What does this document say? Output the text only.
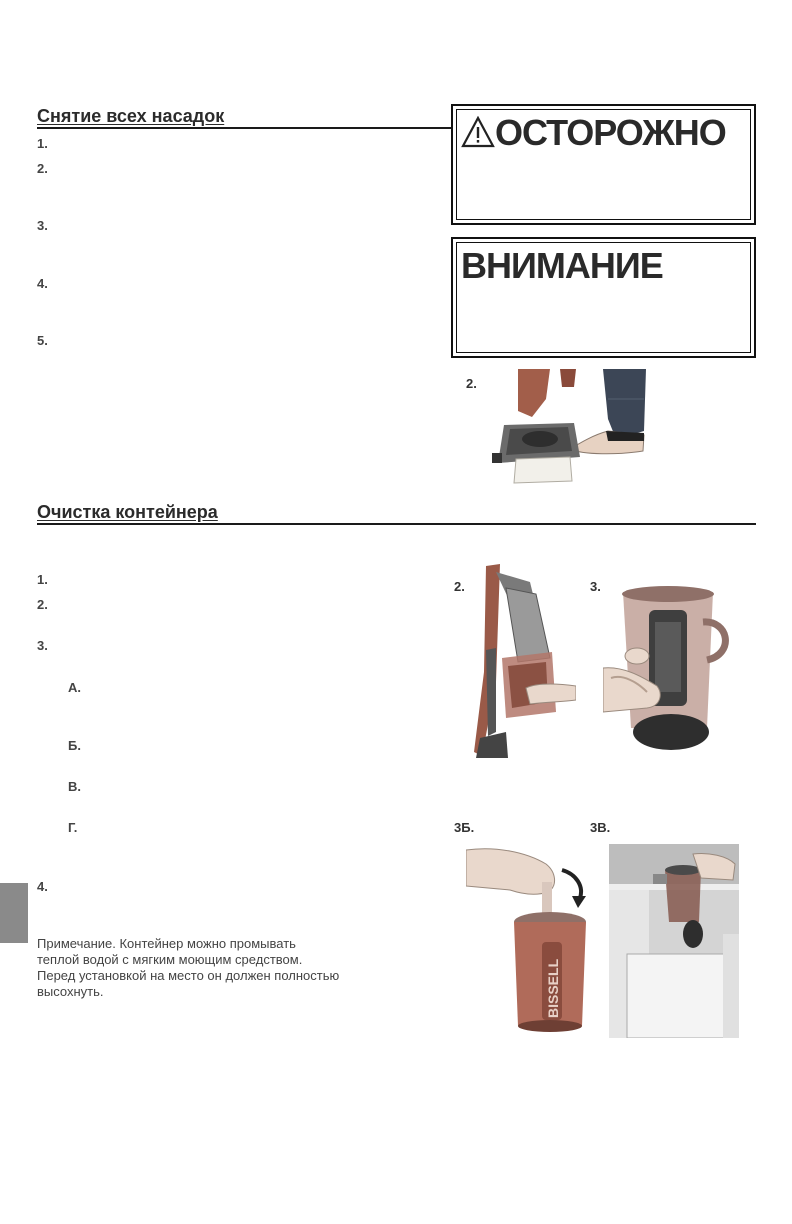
Снятие всех насадок
1.
2.
3.
4.
5.
ОСТОРОЖНО
ВНИМАНИЕ
2.
Очистка контейнера
1.
2.
3.
А.
Б.
В.
Г.
4.
Примечание. Контейнер можно промывать
теплой водой с мягким моющим средством.
Перед установкой на место он должен полностью
высохнуть.
2.	3.
3Б.	3В.
BISSELL
